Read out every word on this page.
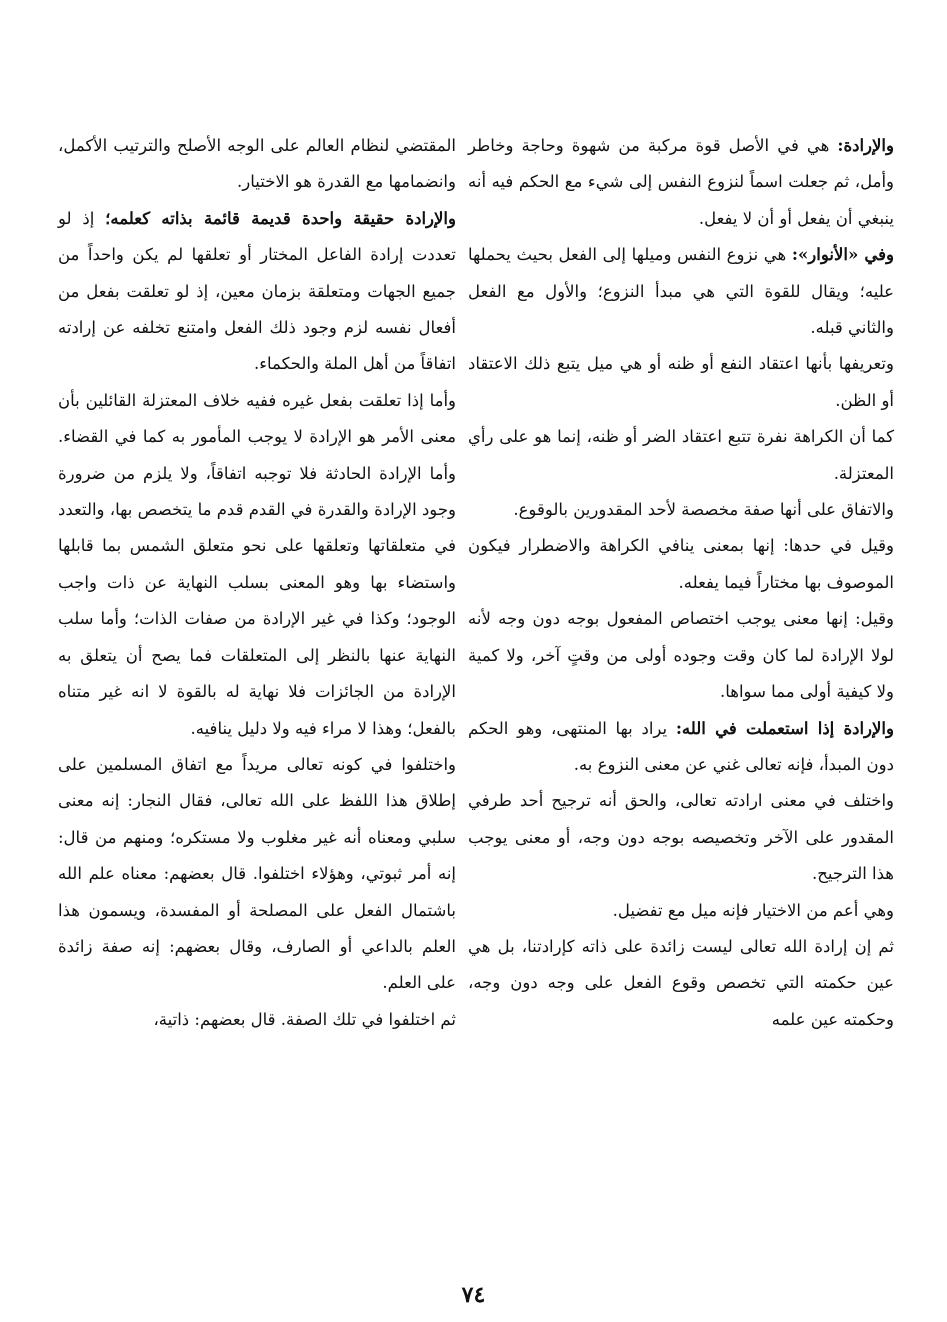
والإرادة: هي في الأصل قوة مركبة من شهوة وحاجة وخاطر وأمل، ثم جعلت اسماً لنزوع النفس إلى شيء مع الحكم فيه أنه ينبغي أن يفعل أو أن لا يفعل.

وفي «الأنوار»: هي نزوع النفس وميلها إلى الفعل بحيث يحملها عليه؛ ويقال للقوة التي هي مبدأ النزوع؛ والأول مع الفعل والثاني قبله.

وتعريفها بأنها اعتقاد النفع أو ظنه أو هي ميل يتبع ذلك الاعتقاد أو الظن.

كما أن الكراهة نفرة تتبع اعتقاد الضر أو ظنه، إنما هو على رأي المعتزلة.

والاتفاق على أنها صفة مخصصة لأحد المقدورين بالوقوع.

وقيل في حدها: إنها بمعنى ينافي الكراهة والاضطرار فيكون الموصوف بها مختاراً فيما يفعله.

وقيل: إنها معنى يوجب اختصاص المفعول بوجه دون وجه لأنه لولا الإرادة لما كان وقت وجوده أولى من وقتٍ آخر، ولا كمية ولا كيفية أولى مما سواها.

والإرادة إذا استعملت في الله: يراد بها المنتهى، وهو الحكم دون المبدأ، فإنه تعالى غني عن معنى النزوع به.

واختلف في معنى ارادته تعالى، والحق أنه ترجيح أحد طرفي المقدور على الآخر وتخصيصه بوجه دون وجه، أو معنى يوجب هذا الترجيح.

وهي أعم من الاختيار فإنه ميل مع تفضيل.

ثم إن إرادة الله تعالى ليست زائدة على ذاته كإرادتنا، بل هي عين حكمته التي تخصص وقوع الفعل على وجه دون وجه، وحكمته عين علمه

المقتضي لنظام العالم على الوجه الأصلح والترتيب الأكمل، وانضمامها مع القدرة هو الاختيار.

والإرادة حقيقة واحدة قديمة قائمة بذاته كعلمه؛ إذ لو تعددت إرادة الفاعل المختار أو تعلقها لم يكن واحداً من جميع الجهات ومتعلقة بزمان معين، إذ لو تعلقت بفعل من أفعال نفسه لزم وجود ذلك الفعل وامتنع تخلفه عن إرادته اتفاقاً من أهل الملة والحكماء.

وأما إذا تعلقت بفعل غيره ففيه خلاف المعتزلة القائلين بأن معنى الأمر هو الإرادة لا يوجب المأمور به كما في القضاء. وأما الإرادة الحادثة فلا توجبه اتفاقاً، ولا يلزم من ضرورة وجود الإرادة والقدرة في القدم قدم ما يتخصص بها، والتعدد في متعلقاتها وتعلقها على نحو متعلق الشمس بما قابلها واستضاء بها وهو المعنى بسلب النهاية عن ذات واجب الوجود؛ وكذا في غير الإرادة من صفات الذات؛ وأما سلب النهاية عنها بالنظر إلى المتعلقات فما يصح أن يتعلق به الإرادة من الجائزات فلا نهاية له بالقوة لا انه غير متناه بالفعل؛ وهذا لا مراء فيه ولا دليل ينافيه.

واختلفوا في كونه تعالى مريداً مع اتفاق المسلمين على إطلاق هذا اللفظ على الله تعالى، فقال النجار: إنه معنى سلبي ومعناه أنه غير مغلوب ولا مستكره؛ ومنهم من قال: إنه أمر ثبوتي، وهؤلاء اختلفوا. قال بعضهم: معناه علم الله باشتمال الفعل على المصلحة أو المفسدة، ويسمون هذا العلم بالداعي أو الصارف، وقال بعضهم: إنه صفة زائدة على العلم.

ثم اختلفوا في تلك الصفة. قال بعضهم: ذاتية،

٧٤
